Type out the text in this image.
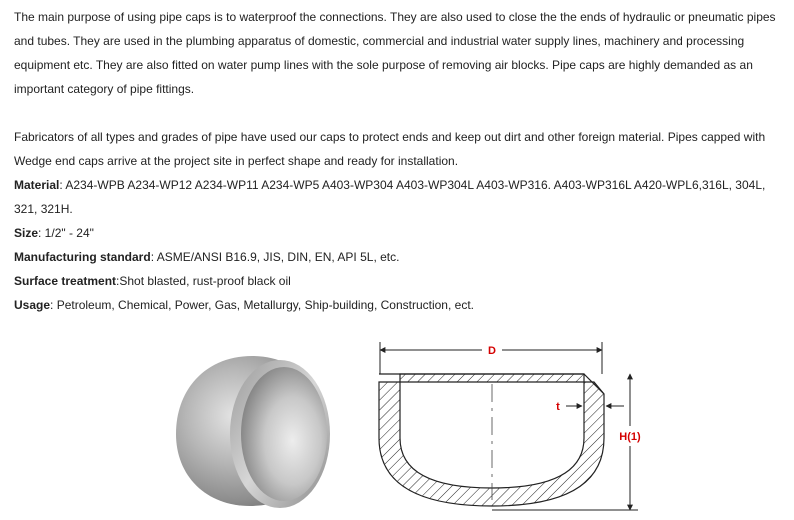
The main purpose of using pipe caps is to waterproof the connections. They are also used to close the the ends of hydraulic or pneumatic pipes and tubes. They are used in the plumbing apparatus of domestic, commercial and industrial water supply lines, machinery and processing equipment etc. They are also fitted on water pump lines with the sole purpose of removing air blocks. Pipe caps are highly demanded as an important category of pipe fittings.

Fabricators of all types and grades of pipe have used our caps to protect ends and keep out dirt and other foreign material. Pipes capped with Wedge end caps arrive at the project site in perfect shape and ready for installation.

Material: A234-WPB A234-WP12 A234-WP11 A234-WP5 A403-WP304 A403-WP304L A403-WP316. A403-WP316L A420-WPL6,316L, 304L, 321, 321H.

Size: 1/2" - 24"

Manufacturing standard: ASME/ANSI B16.9, JIS, DIN, EN, API 5L, etc.

Surface treatment:Shot blasted, rust-proof black oil

Usage: Petroleum, Chemical, Power, Gas, Metallurgy, Ship-building, Construction, ect.

D
t
H(1)
